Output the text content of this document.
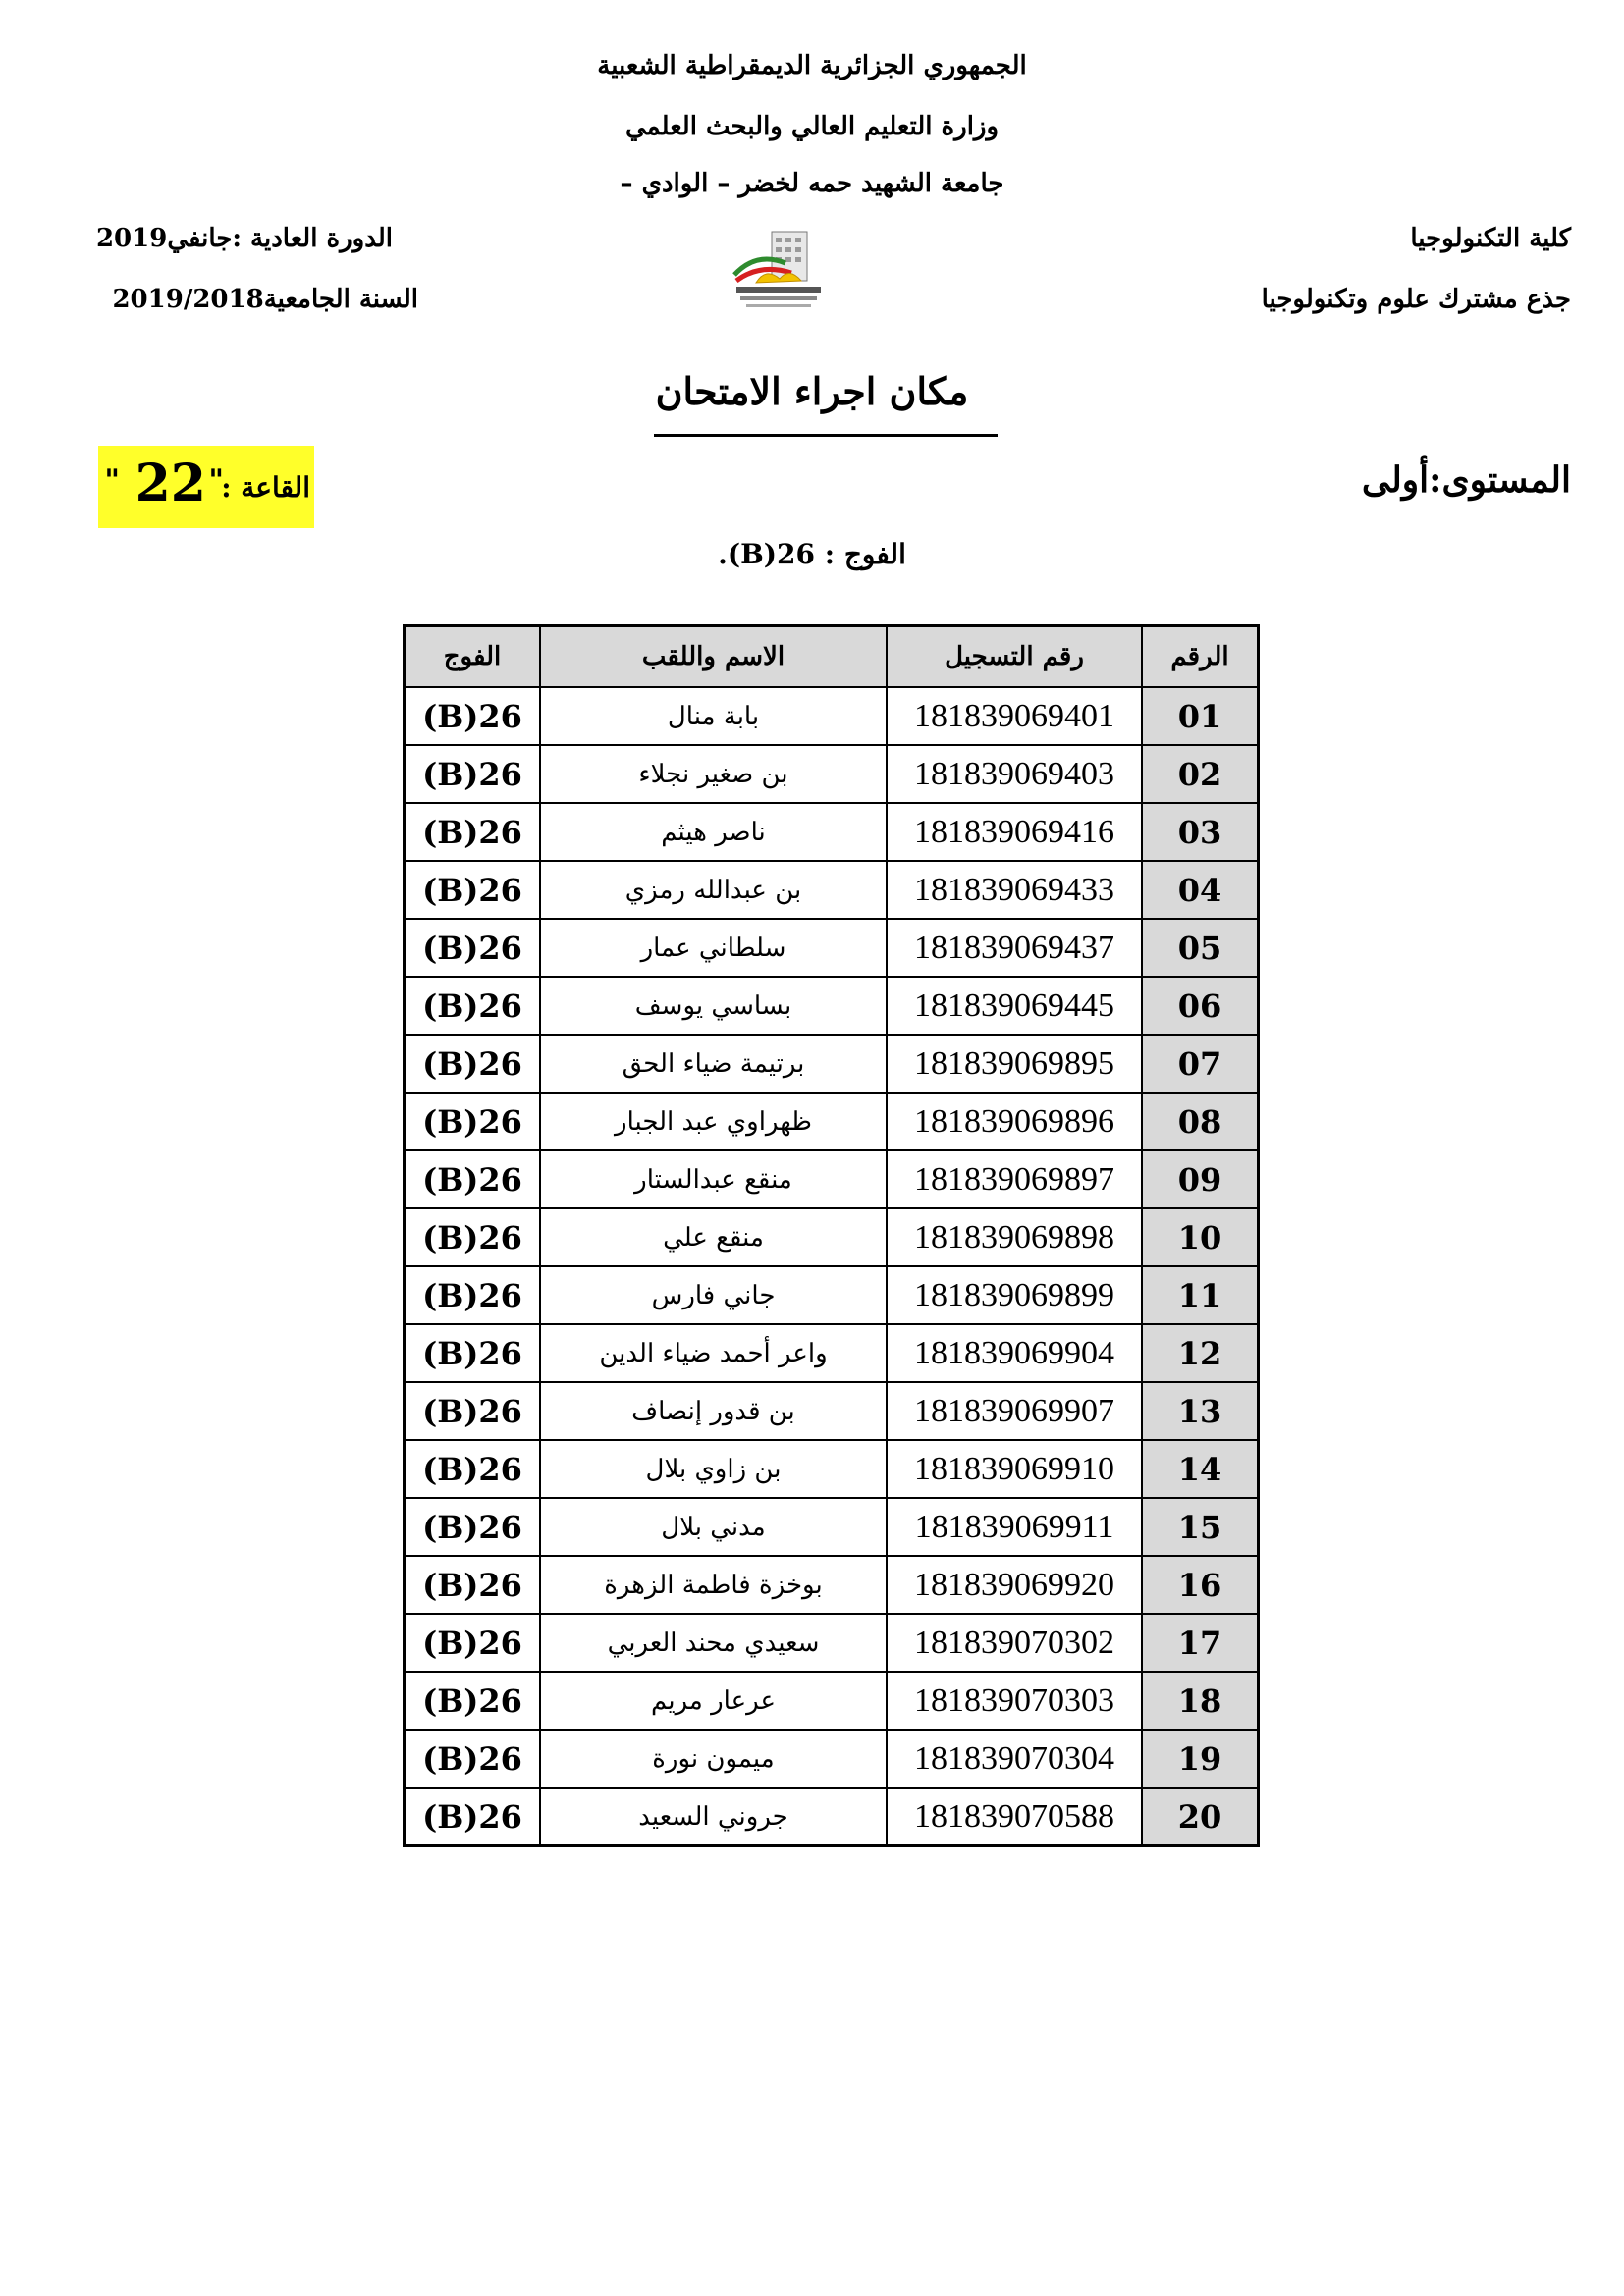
الجمهوري الجزائرية الديمقراطية الشعبية
وزارة التعليم العالي والبحث العلمي
جامعة الشهيد حمه لخضر – الوادي –
كلية التكنولوجيا
جذع مشترك علوم وتكنولوجيا
الدورة العادية :جانفي2019
السنة الجامعية2019/2018
مكان اجراء الامتحان
المستوى:أولى
القاعة :
"
22
"
الفوج : 26(B).
الرقم	رقم التسجيل	الاسم واللقب	الفوج
01	181839069401	بابة منال	26(B)
02	181839069403	بن صغير نجلاء	26(B)
03	181839069416	ناصر هيثم	26(B)
04	181839069433	بن عبدالله رمزي	26(B)
05	181839069437	سلطاني عمار	26(B)
06	181839069445	بساسي يوسف	26(B)
07	181839069895	برتيمة ضياء الحق	26(B)
08	181839069896	ظهراوي عبد الجبار	26(B)
09	181839069897	منقع عبدالستار	26(B)
10	181839069898	منقع علي	26(B)
11	181839069899	جاني فارس	26(B)
12	181839069904	واعر أحمد ضياء الدين	26(B)
13	181839069907	بن قدور إنصاف	26(B)
14	181839069910	بن زاوي بلال	26(B)
15	181839069911	مدني بلال	26(B)
16	181839069920	بوخزة فاطمة الزهرة	26(B)
17	181839070302	سعيدي محند العربي	26(B)
18	181839070303	عرعار مريم	26(B)
19	181839070304	ميمون نورة	26(B)
20	181839070588	جروني السعيد	26(B)
